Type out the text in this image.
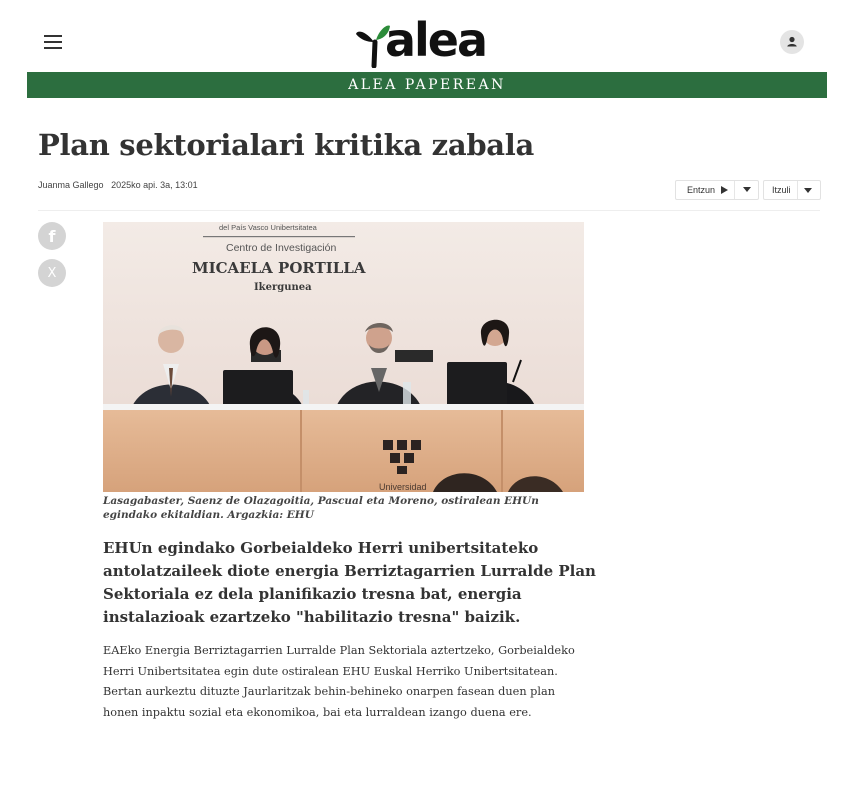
alea
ALEA PAPEREAN
Plan sektorialari kritika zabala
Juanma Gallego 2025ko api. 3a, 13:01	Entzun	Itzuli
f
X
del País Vasco Unibertsitatea
Centro de Investigación
MICAELA PORTILLA
Ikergunea
Universidad

Lasagabaster, Saenz de Olazagoitia, Pascual eta Moreno, ostiralean EHUn egindako ekitaldian. Argazkia: EHU

EHUn egindako Gorbeialdeko Herri unibertsitateko antolatzaileek diote energia Berriztagarrien Lurralde Plan Sektoriala ez dela planifikazio tresna bat, energia instalazioak ezartzeko "habilitazio tresna" baizik.

EAEko Energia Berriztagarrien Lurralde Plan Sektoriala aztertzeko, Gorbeialdeko Herri Unibertsitatea egin dute ostiralean EHU Euskal Herriko Unibertsitatean. Bertan aurkeztu dituzte Jaurlaritzak behin-behineko onarpen fasean duen plan honen inpaktu sozial eta ekonomikoa, bai eta lurraldean izango duena ere.
